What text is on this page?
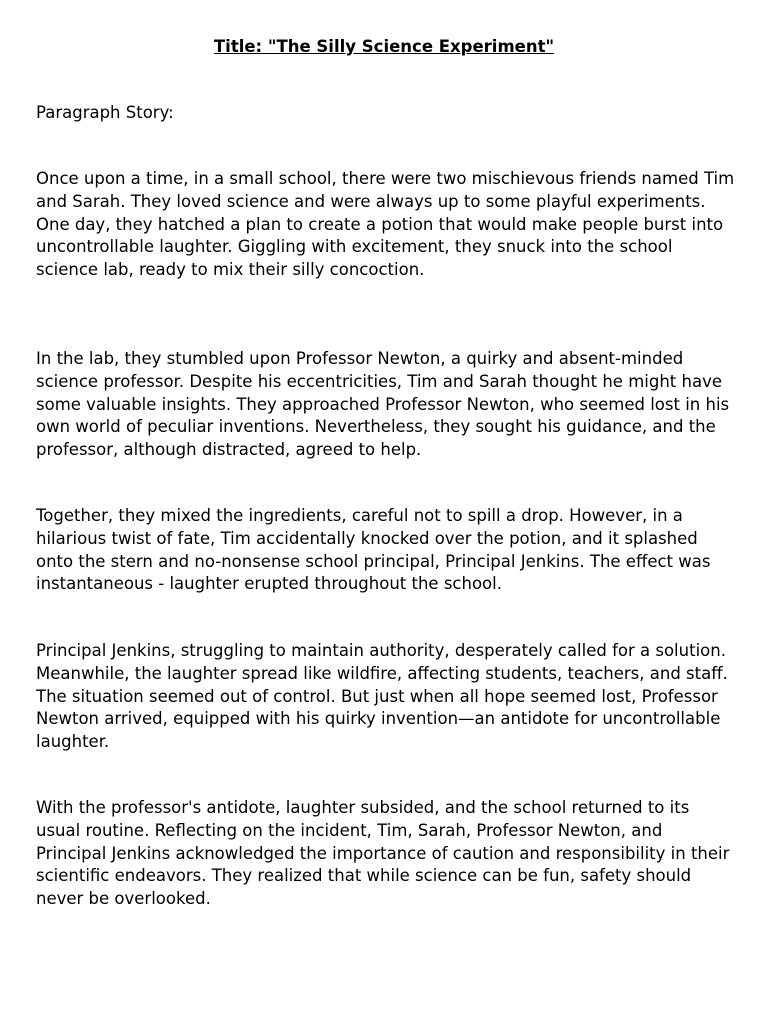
Title: "The Silly Science Experiment"

Paragraph Story:

Once upon a time, in a small school, there were two mischievous friends named Tim and Sarah. They loved science and were always up to some playful experiments. One day, they hatched a plan to create a potion that would make people burst into uncontrollable laughter. Giggling with excitement, they snuck into the school science lab, ready to mix their silly concoction.

In the lab, they stumbled upon Professor Newton, a quirky and absent-minded science professor. Despite his eccentricities, Tim and Sarah thought he might have some valuable insights. They approached Professor Newton, who seemed lost in his own world of peculiar inventions. Nevertheless, they sought his guidance, and the professor, although distracted, agreed to help.

Together, they mixed the ingredients, careful not to spill a drop. However, in a hilarious twist of fate, Tim accidentally knocked over the potion, and it splashed onto the stern and no-nonsense school principal, Principal Jenkins. The effect was instantaneous - laughter erupted throughout the school.

Principal Jenkins, struggling to maintain authority, desperately called for a solution. Meanwhile, the laughter spread like wildfire, affecting students, teachers, and staff. The situation seemed out of control. But just when all hope seemed lost, Professor Newton arrived, equipped with his quirky invention—an antidote for uncontrollable laughter.

With the professor's antidote, laughter subsided, and the school returned to its usual routine. Reflecting on the incident, Tim, Sarah, Professor Newton, and Principal Jenkins acknowledged the importance of caution and responsibility in their scientific endeavors. They realized that while science can be fun, safety should never be overlooked.
